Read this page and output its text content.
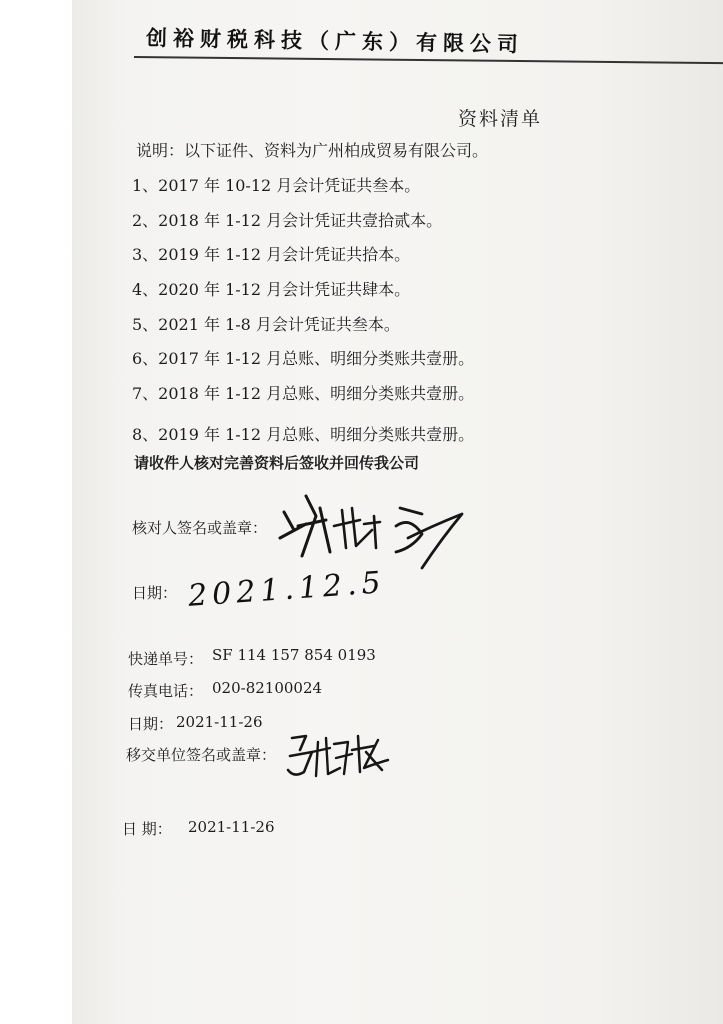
创裕财税科技（广东）有限公司
资料清单
说明：以下证件、资料为广州柏成贸易有限公司。
1、2017 年 10-12 月会计凭证共叁本。
2、2018 年 1-12 月会计凭证共壹拾贰本。
3、2019 年 1-12 月会计凭证共拾本。
4、2020 年 1-12 月会计凭证共肆本。
5、2021 年 1-8 月会计凭证共叁本。
6、2017 年 1-12 月总账、明细分类账共壹册。
7、2018 年 1-12 月总账、明细分类账共壹册。
8、2019 年 1-12 月总账、明细分类账共壹册。
请收件人核对完善资料后签收并回传我公司
核对人签名或盖章：
日期： 2021.12.5
快递单号： SF 114 157 854 0193
传真电话： 020-82100024
日期： 2021-11-26
移交单位签名或盖章：
日 期： 2021-11-26
